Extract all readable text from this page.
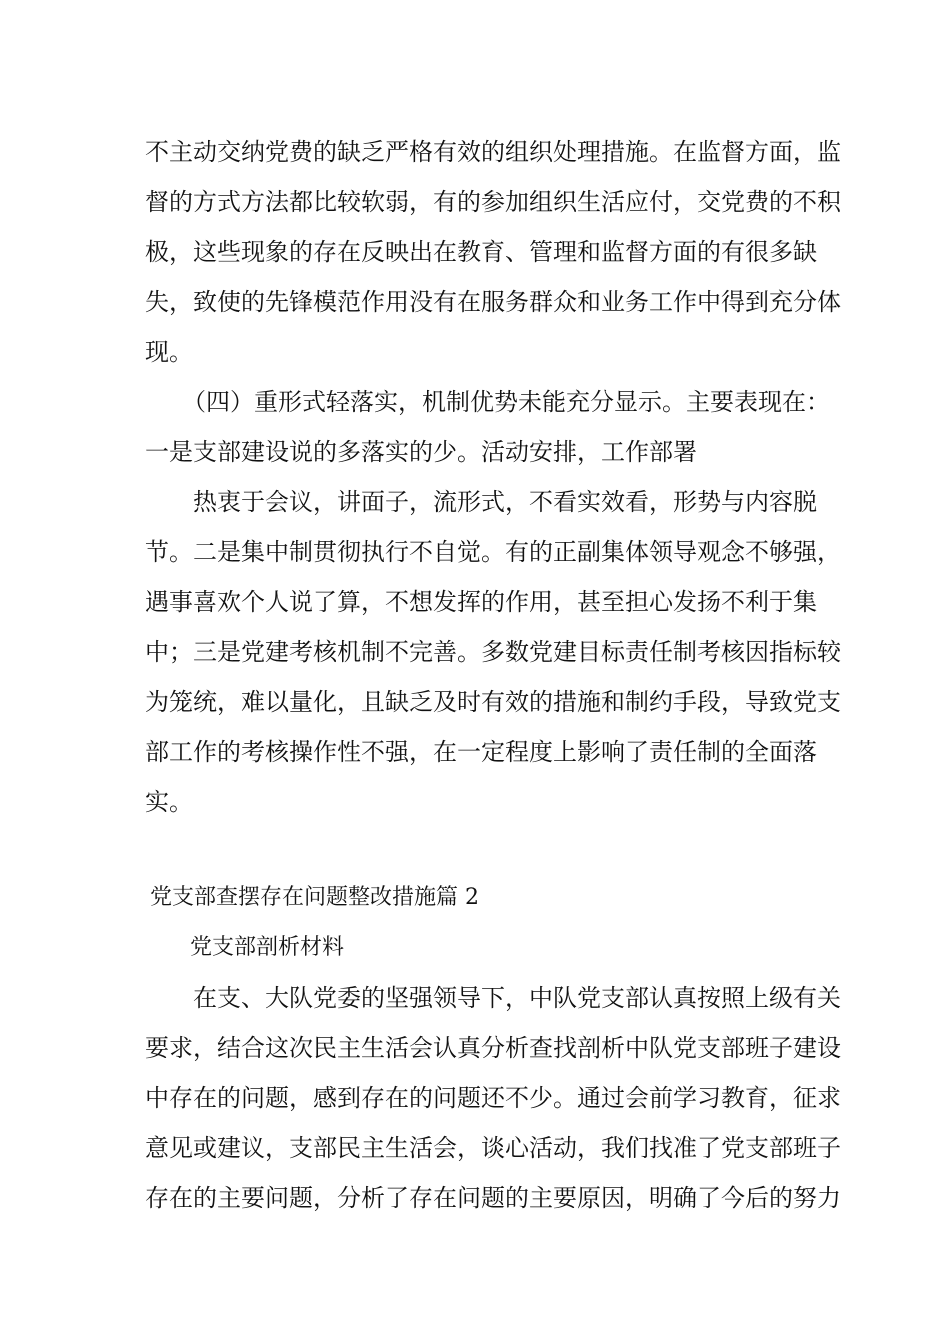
不主动交纳党费的缺乏严格有效的组织处理措施。在监督方面，监
督的方式方法都比较软弱，有的参加组织生活应付，交党费的不积
极，这些现象的存在反映出在教育、管理和监督方面的有很多缺
失，致使的先锋模范作用没有在服务群众和业务工作中得到充分体
现。
（四）重形式轻落实，机制优势未能充分显示。主要表现在：
一是支部建设说的多落实的少。活动安排，工作部署
热衷于会议，讲面子，流形式，不看实效看，形势与内容脱
节。二是集中制贯彻执行不自觉。有的正副集体领导观念不够强，
遇事喜欢个人说了算，不想发挥的作用，甚至担心发扬不利于集
中；三是党建考核机制不完善。多数党建目标责任制考核因指标较
为笼统，难以量化，且缺乏及时有效的措施和制约手段，导致党支
部工作的考核操作性不强，在一定程度上影响了责任制的全面落
实。
党支部查摆存在问题整改措施篇 2
党支部剖析材料
在支、大队党委的坚强领导下，中队党支部认真按照上级有关
要求，结合这次民主生活会认真分析查找剖析中队党支部班子建设
中存在的问题，感到存在的问题还不少。通过会前学习教育，征求
意见或建议，支部民主生活会，谈心活动，我们找准了党支部班子
存在的主要问题，分析了存在问题的主要原因，明确了今后的努力
